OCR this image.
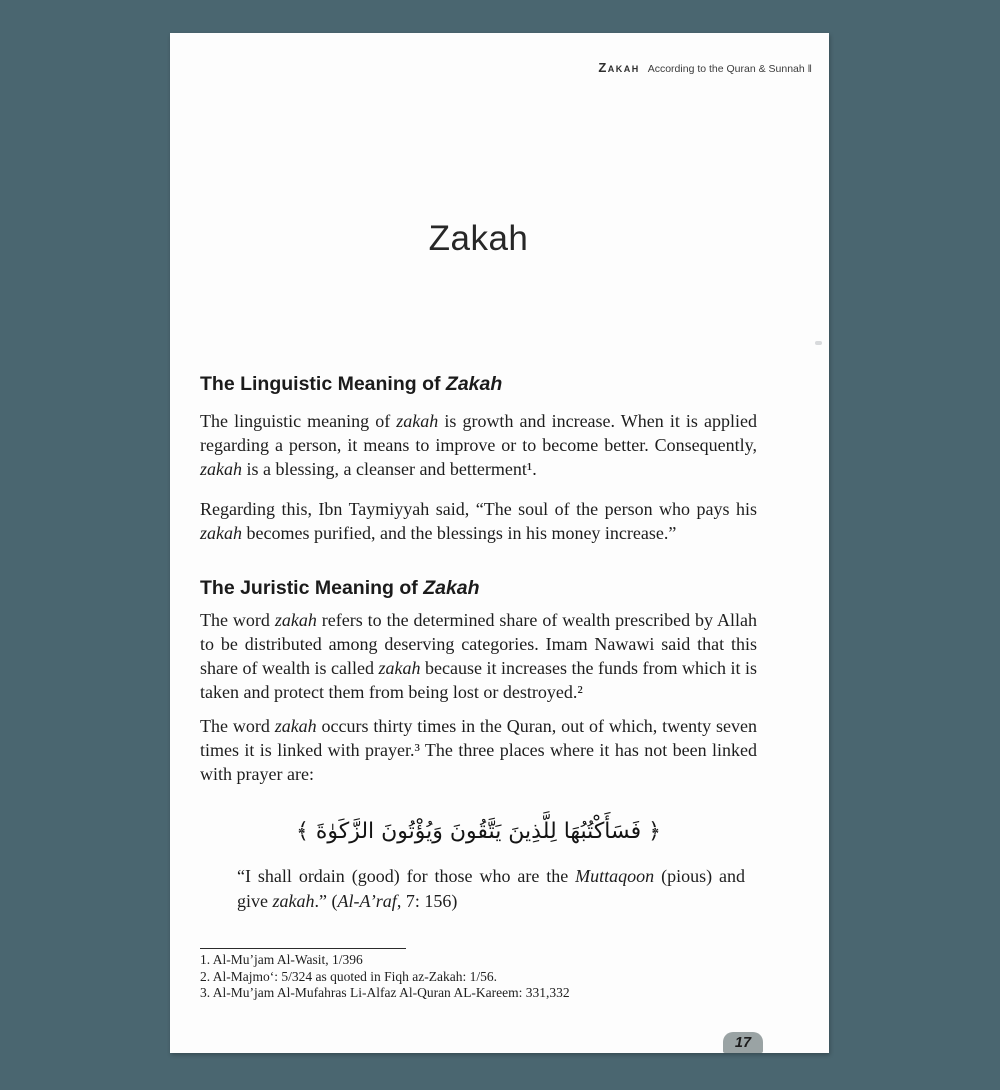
Zakah According to the Quran & Sunnah ‖
Zakah
The Linguistic Meaning of Zakah

The linguistic meaning of zakah is growth and increase. When it is applied regarding a person, it means to improve or to become better. Consequently, zakah is a blessing, a cleanser and betterment¹.

Regarding this, Ibn Taymiyyah said, “The soul of the person who pays his zakah becomes purified, and the blessings in his money increase.”

The Juristic Meaning of Zakah

The word zakah refers to the determined share of wealth prescribed by Allah to be distributed among deserving categories. Imam Nawawi said that this share of wealth is called zakah because it increases the funds from which it is taken and protect them from being lost or destroyed.²

The word zakah occurs thirty times in the Quran, out of which, twenty seven times it is linked with prayer.³ The three places where it has not been linked with prayer are:

﴿ فَسَأَكْتُبُهَا لِلَّذِينَ يَتَّقُونَ وَيُؤْتُونَ الزَّكَوٰةَ ﴾
“I shall ordain (good) for those who are the Muttaqoon (pious) and give zakah.” (Al-A’raf, 7: 156)
1. Al-Mu’jam Al-Wasit, 1/396
2. Al-Majmo‘: 5/324 as quoted in Fiqh az-Zakah: 1/56.
3. Al-Mu’jam Al-Mufahras Li-Alfaz Al-Quran AL-Kareem: 331,332
17
